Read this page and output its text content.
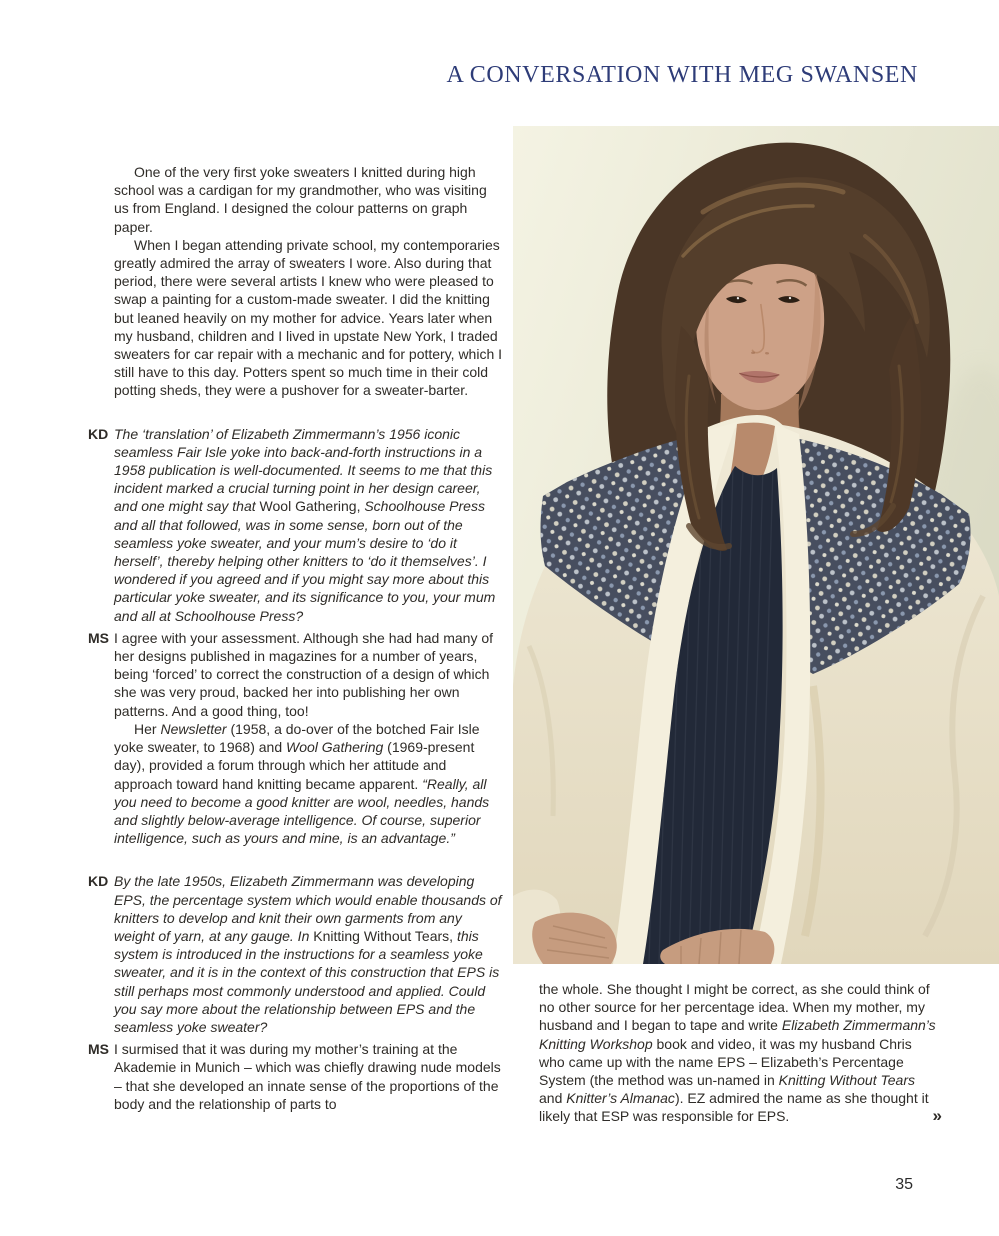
A CONVERSATION WITH MEG SWANSEN

One of the very first yoke sweaters I knitted during high school was a cardigan for my grandmother, who was visiting us from England. I designed the colour patterns on graph paper.

When I began attending private school, my contemporaries greatly admired the array of sweaters I wore. Also during that period, there were several artists I knew who were pleased to swap a painting for a custom-made sweater. I did the knitting but leaned heavily on my mother for advice. Years later when my husband, children and I lived in upstate New York, I traded sweaters for car repair with a mechanic and for pottery, which I still have to this day. Potters spent so much time in their cold potting sheds, they were a pushover for a sweater-barter.

KD The ‘translation’ of Elizabeth Zimmermann’s 1956 iconic seamless Fair Isle yoke into back-and-forth instructions in a 1958 publication is well-documented. It seems to me that this incident marked a crucial turning point in her design career, and one might say that Wool Gathering, Schoolhouse Press and all that followed, was in some sense, born out of the seamless yoke sweater, and your mum’s desire to ‘do it herself’, thereby helping other knitters to ‘do it themselves’. I wondered if you agreed and if you might say more about this particular yoke sweater, and its significance to you, your mum and all at Schoolhouse Press?

MS I agree with your assessment. Although she had had many of her designs published in magazines for a number of years, being ‘forced’ to correct the construction of a design of which she was very proud, backed her into publishing her own patterns. And a good thing, too!

Her Newsletter (1958, a do-over of the botched Fair Isle yoke sweater, to 1968) and Wool Gathering (1969-present day), provided a forum through which her attitude and approach toward hand knitting became apparent. “Really, all you need to become a good knitter are wool, needles, hands and slightly below-average intelligence. Of course, superior intelligence, such as yours and mine, is an advantage.”

KD By the late 1950s, Elizabeth Zimmermann was developing EPS, the percentage system which would enable thousands of knitters to develop and knit their own garments from any weight of yarn, at any gauge. In Knitting Without Tears, this system is introduced in the instructions for a seamless yoke sweater, and it is in the context of this construction that EPS is still perhaps most commonly understood and applied. Could you say more about the relationship between EPS and the seamless yoke sweater?

MS I surmised that it was during my mother’s training at the Akademie in Munich – which was chiefly drawing nude models – that she developed an innate sense of the proportions of the body and the relationship of parts to

the whole. She thought I might be correct, as she could think of no other source for her percentage idea. When my mother, my husband and I began to tape and write Elizabeth Zimmermann’s Knitting Workshop book and video, it was my husband Chris who came up with the name EPS – Elizabeth’s Percentage System (the method was un-named in Knitting Without Tears and Knitter’s Almanac). EZ admired the name as she thought it likely that ESP was responsible for EPS.	»
35
